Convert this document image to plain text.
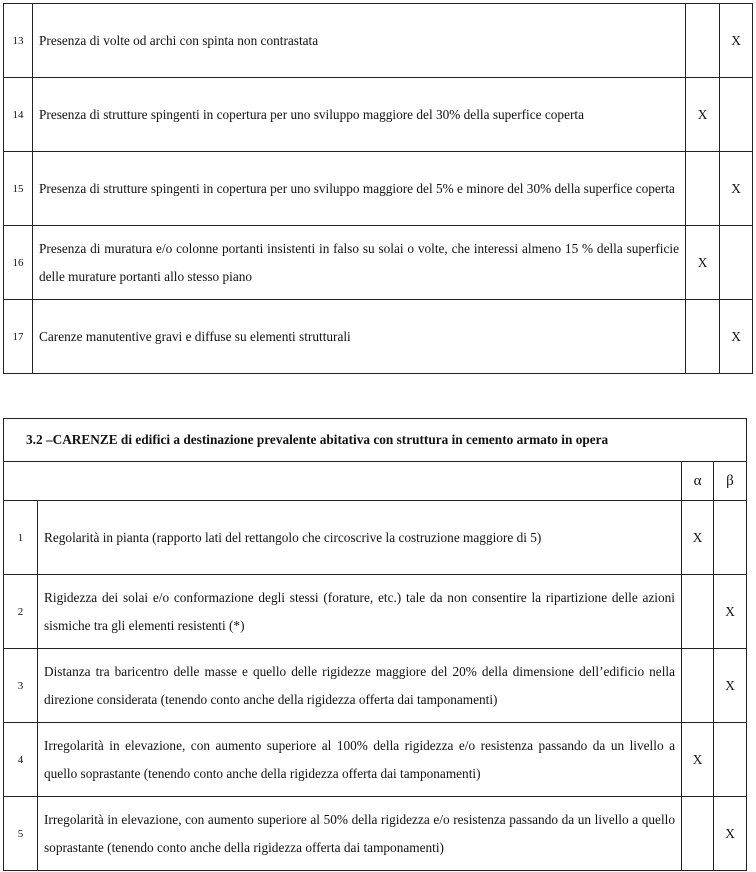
13	Presenza di volte od archi con spinta non contrastata		X
14	Presenza di strutture spingenti in copertura per uno sviluppo maggiore del 30% della superfice coperta	X	
15	Presenza di strutture spingenti in copertura per uno sviluppo maggiore del 5% e minore del 30% della superfice coperta		X
16	Presenza di muratura e/o colonne portanti insistenti in falso su solai o volte, che interessi almeno 15 % della superficie delle murature portanti allo stesso piano	X	
17	Carenze manutentive gravi e diffuse su elementi strutturali		X
3.2 –CARENZE di edifici a destinazione prevalente abitativa con struttura in cemento armato in opera			
		α	β
1	Regolarità in pianta (rapporto lati del rettangolo che circoscrive la costruzione maggiore di 5)	X	
2	Rigidezza dei solai e/o conformazione degli stessi (forature, etc.) tale da non consentire la ripartizione delle azioni sismiche tra gli elementi resistenti (*)		X
3	Distanza tra baricentro delle masse e quello delle rigidezze maggiore del 20% della dimensione dell’edificio nella direzione considerata (tenendo conto anche della rigidezza offerta dai tamponamenti)		X
4	Irregolarità in elevazione, con aumento superiore al 100% della rigidezza e/o resistenza passando da un livello a quello soprastante (tenendo conto anche della rigidezza offerta dai tamponamenti)	X	
5	Irregolarità in elevazione, con aumento superiore al 50% della rigidezza e/o resistenza passando da un livello a quello soprastante (tenendo conto anche della rigidezza offerta dai tamponamenti)		X
